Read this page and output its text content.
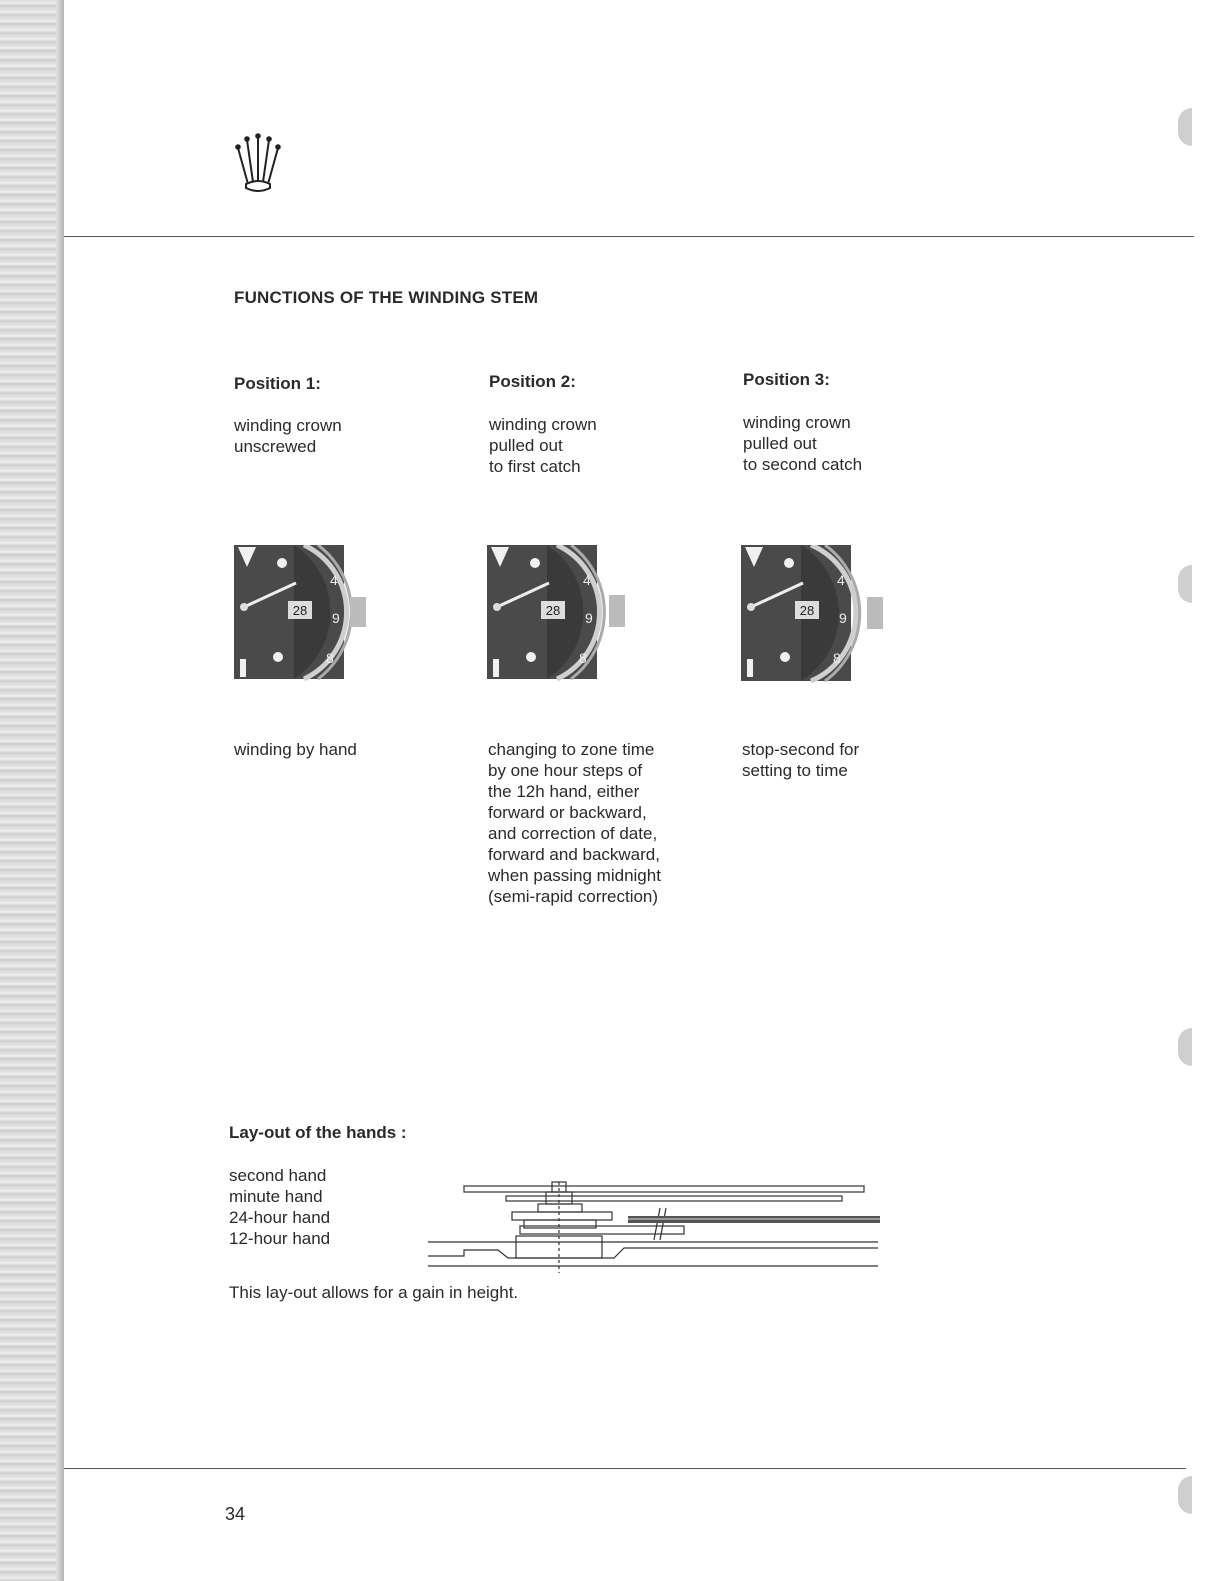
FUNCTIONS OF THE WINDING STEM
Position 1:
winding crown
unscrewed
28
4
9
8
winding by hand
Position 2:
winding crown
pulled out
to first catch
28
4
9
8
changing to zone time
by one hour steps of
the 12h hand, either
forward or backward,
and correction of date,
forward and backward,
when passing midnight
(semi-rapid correction)
Position 3:
winding crown
pulled out
to second catch
28
4
9
8
stop-second for
setting to time
Lay-out of the hands :
second hand
minute hand
24-hour hand
12-hour hand
This lay-out allows for a gain in height.
34
